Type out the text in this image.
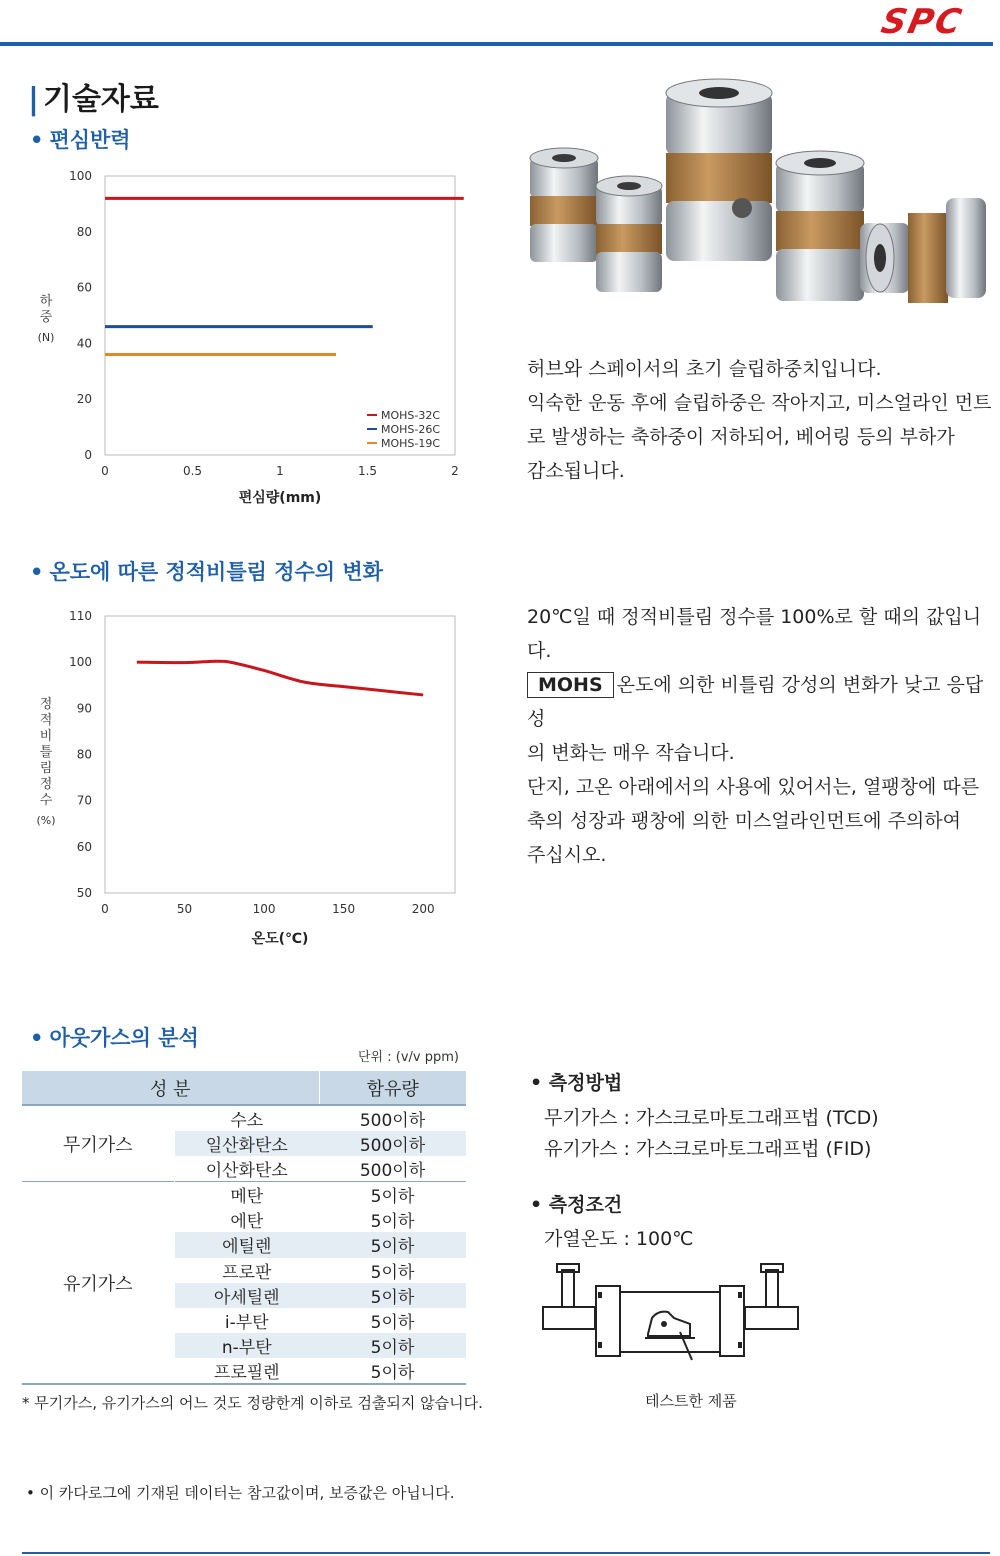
SPC
| 기술자료
• 편심반력
0
20
40
60
80
100
0	0.5	1	1.5	2
하 중 (N)
편심량(mm)
MOHS-32C
MOHS-26C
MOHS-19C
허브와 스페이서의 초기 슬립하중치입니다.
익숙한 운동 후에 슬립하중은 작아지고, 미스얼라인 먼트
로 발생하는 축하중이 저하되어, 베어링 등의 부하가
감소됩니다.
• 온도에 따른 정적비틀림 정수의 변화
50
60
70
80
90
100
110
0	50	100	150	200
정 적 비 틀 림 정 수 (%)
온도(℃)
20℃일 때 정적비틀림 정수를 100%로 할 때의 값입니다.
MOHS 온도에 의한 비틀림 강성의 변화가 낮고 응답성
의 변화는 매우 작습니다.
단지, 고온 아래에서의 사용에 있어서는, 열팽창에 따른
축의 성장과 팽창에 의한 미스얼라인먼트에 주의하여
주십시오.
• 아웃가스의 분석
단위 : (v/v ppm)
성 분		함유량
무기가스	수소	500이하
	일산화탄소	500이하
	이산화탄소	500이하
유기가스	메탄	5이하
	에탄	5이하
	에틸렌	5이하
	프로판	5이하
	아세틸렌	5이하
	i-부탄	5이하
	n-부탄	5이하
	프로필렌	5이하
* 무기가스, 유기가스의 어느 것도 정량한계 이하로 검출되지 않습니다.
• 측정방법
무기가스 : 가스크로마토그래프법 (TCD)
유기가스 : 가스크로마토그래프법 (FID)
• 측정조건
가열온도 : 100℃
테스트한 제품
• 이 카다로그에 기재된 데이터는 참고값이며, 보증값은 아닙니다.
